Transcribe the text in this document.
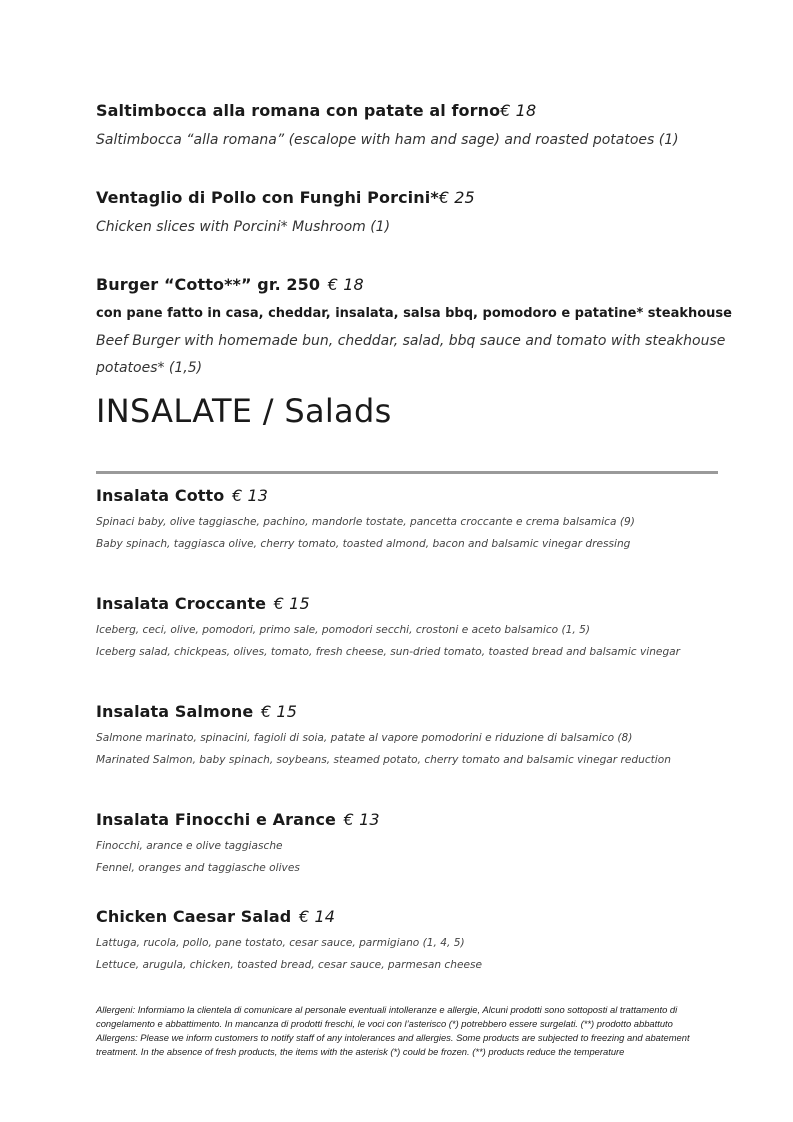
Saltimbocca alla romana con patate al forno€ 18
Saltimbocca “alla romana” (escalope with ham and sage) and roasted potatoes (1)
Ventaglio di Pollo con Funghi Porcini*€ 25
Chicken slices with Porcini* Mushroom (1)
Burger “Cotto**” gr. 250 € 18
con pane fatto in casa, cheddar, insalata, salsa bbq, pomodoro e patatine* steakhouse
Beef Burger with homemade bun, cheddar, salad, bbq sauce and tomato with steakhouse
potatoes* (1,5)
INSALATE / Salads
Insalata Cotto € 13
Spinaci baby, olive taggiasche, pachino, mandorle tostate, pancetta croccante e crema balsamica (9)
Baby spinach, taggiasca olive, cherry tomato, toasted almond, bacon and balsamic vinegar dressing
Insalata Croccante € 15
Iceberg, ceci, olive, pomodori, primo sale, pomodori secchi, crostoni e aceto balsamico (1, 5)
Iceberg salad, chickpeas, olives, tomato, fresh cheese, sun-dried tomato, toasted bread and balsamic vinegar
Insalata Salmone € 15
Salmone marinato, spinacini, fagioli di soia, patate al vapore pomodorini e riduzione di balsamico (8)
Marinated Salmon, baby spinach, soybeans, steamed potato, cherry tomato and balsamic vinegar reduction
Insalata Finocchi e Arance € 13
Finocchi, arance e olive taggiasche
Fennel, oranges and taggiasche olives
Chicken Caesar Salad € 14
Lattuga, rucola, pollo, pane tostato, cesar sauce, parmigiano (1, 4, 5)
Lettuce, arugula, chicken, toasted bread, cesar sauce, parmesan cheese
Allergeni: Informiamo la clientela di comunicare al personale eventuali intolleranze e allergie, Alcuni prodotti sono sottoposti al trattamento di
congelamento e abbattimento. In mancanza di prodotti freschi, le voci con l’asterisco (*) potrebbero essere surgelati. (**) prodotto abbattuto
Allergens: Please we inform customers to notify staff of any intolerances and allergies. Some products are subjected to freezing and abatement
treatment. In the absence of fresh products, the items with the asterisk (*) could be frozen. (**) products reduce the temperature
